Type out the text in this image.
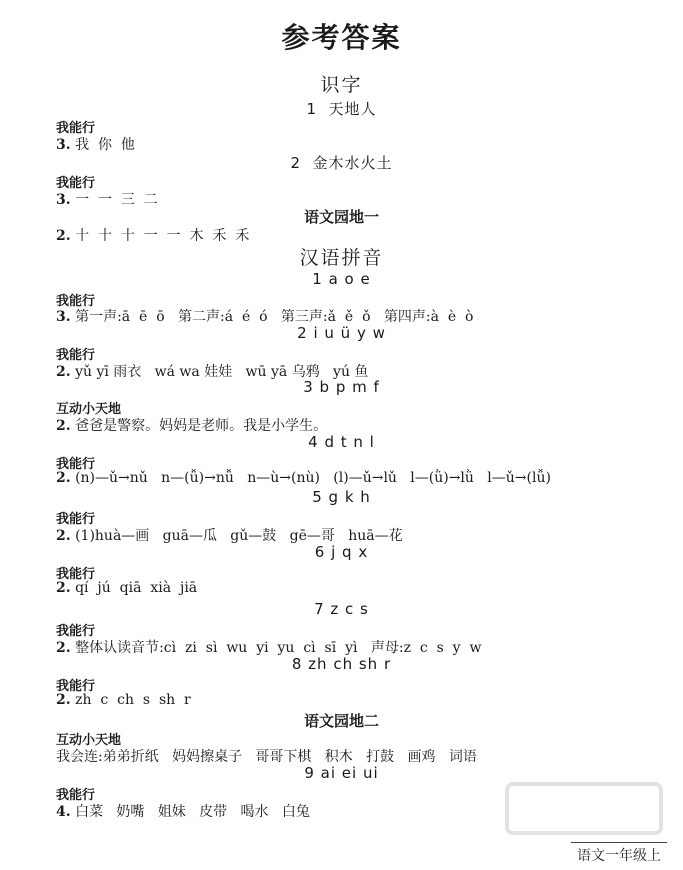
参考答案
识字
1  天地人
我能行
3. 我  你  他
2  金木水火土
我能行
3. 一  一  三  二
语文园地一
2. 十  十  十  一  一  木  禾  禾
汉语拼音
1 a o e
我能行
3. 第一声:ā  ē  ō   第二声:á  é  ó   第三声:ǎ  ě  ǒ   第四声:à  è  ò
2 i u ü y w
我能行
2. yǔ yī 雨衣   wá wa 娃娃   wū yā 乌鸦   yú 鱼
3 b p m f
互动小天地
2. 爸爸是警察。妈妈是老师。我是小学生。
4 d t n l
我能行
2. (n)—ǔ→nǔ   n—(ǚ)→nǚ   n—ù→(nù)   (l)—ǔ→lǔ   l—(ǜ)→lǜ   l—ǔ→(lǚ)
5 g k h
我能行
2. (1)huà—画   guā—瓜   gǔ—鼓   gē—哥   huā—花
6 j q x
我能行
2. qí  jú  qiā  xià  jiā
7 z c s
我能行
2. 整体认读音节:cì  zi  sì  wu  yi  yu  cì  sī  yì   声母:z  c  s  y  w
8 zh ch sh r
我能行
2. zh  c  ch  s  sh  r
语文园地二
互动小天地
我会连:弟弟折纸   妈妈擦桌子   哥哥下棋   积木   打鼓   画鸡   词语
9 ai ei ui
我能行
4. 白菜   奶嘴   姐妹   皮带   喝水   白兔
语文一年级上
